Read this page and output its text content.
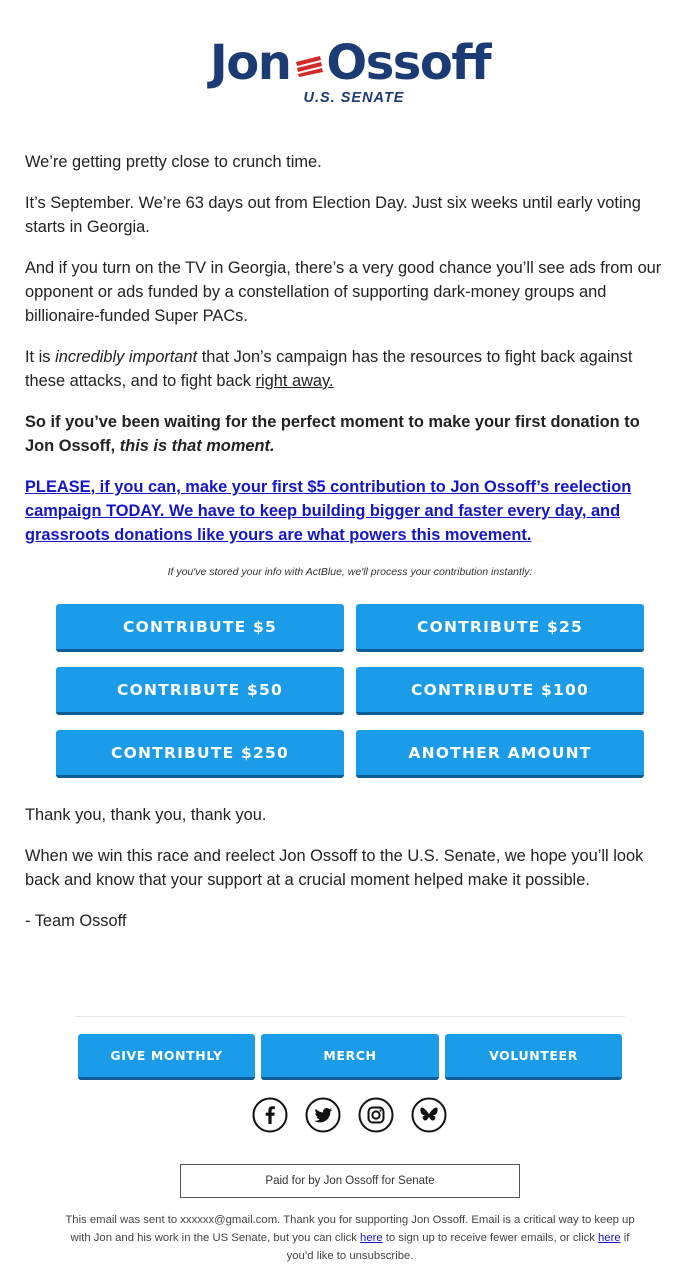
Jon Ossoff
U.S. SENATE

We’re getting pretty close to crunch time.

It’s September. We’re 63 days out from Election Day. Just six weeks until early voting starts in Georgia.

And if you turn on the TV in Georgia, there’s a very good chance you’ll see ads from our opponent or ads funded by a constellation of supporting dark-money groups and billionaire-funded Super PACs.

It is incredibly important that Jon’s campaign has the resources to fight back against these attacks, and to fight back right away.

So if you’ve been waiting for the perfect moment to make your first donation to Jon Ossoff, this is that moment.

PLEASE, if you can, make your first $5 contribution to Jon Ossoff’s reelection campaign TODAY. We have to keep building bigger and faster every day, and grassroots donations like yours are what powers this movement.

If you've stored your info with ActBlue, we'll process your contribution instantly:
CONTRIBUTE $5	CONTRIBUTE $25
CONTRIBUTE $50	CONTRIBUTE $100
CONTRIBUTE $250	ANOTHER AMOUNT

Thank you, thank you, thank you.

When we win this race and reelect Jon Ossoff to the U.S. Senate, we hope you’ll look back and know that your support at a crucial moment helped make it possible.

- Team Ossoff

GIVE MONTHLY	MERCH	VOLUNTEER
Paid for by Jon Ossoff for Senate
This email was sent to xxxxxx@gmail.com. Thank you for supporting Jon Ossoff. Email is a critical way to keep up with Jon and his work in the US Senate, but you can click here to sign up to receive fewer emails, or click here if you’d like to unsubscribe.
